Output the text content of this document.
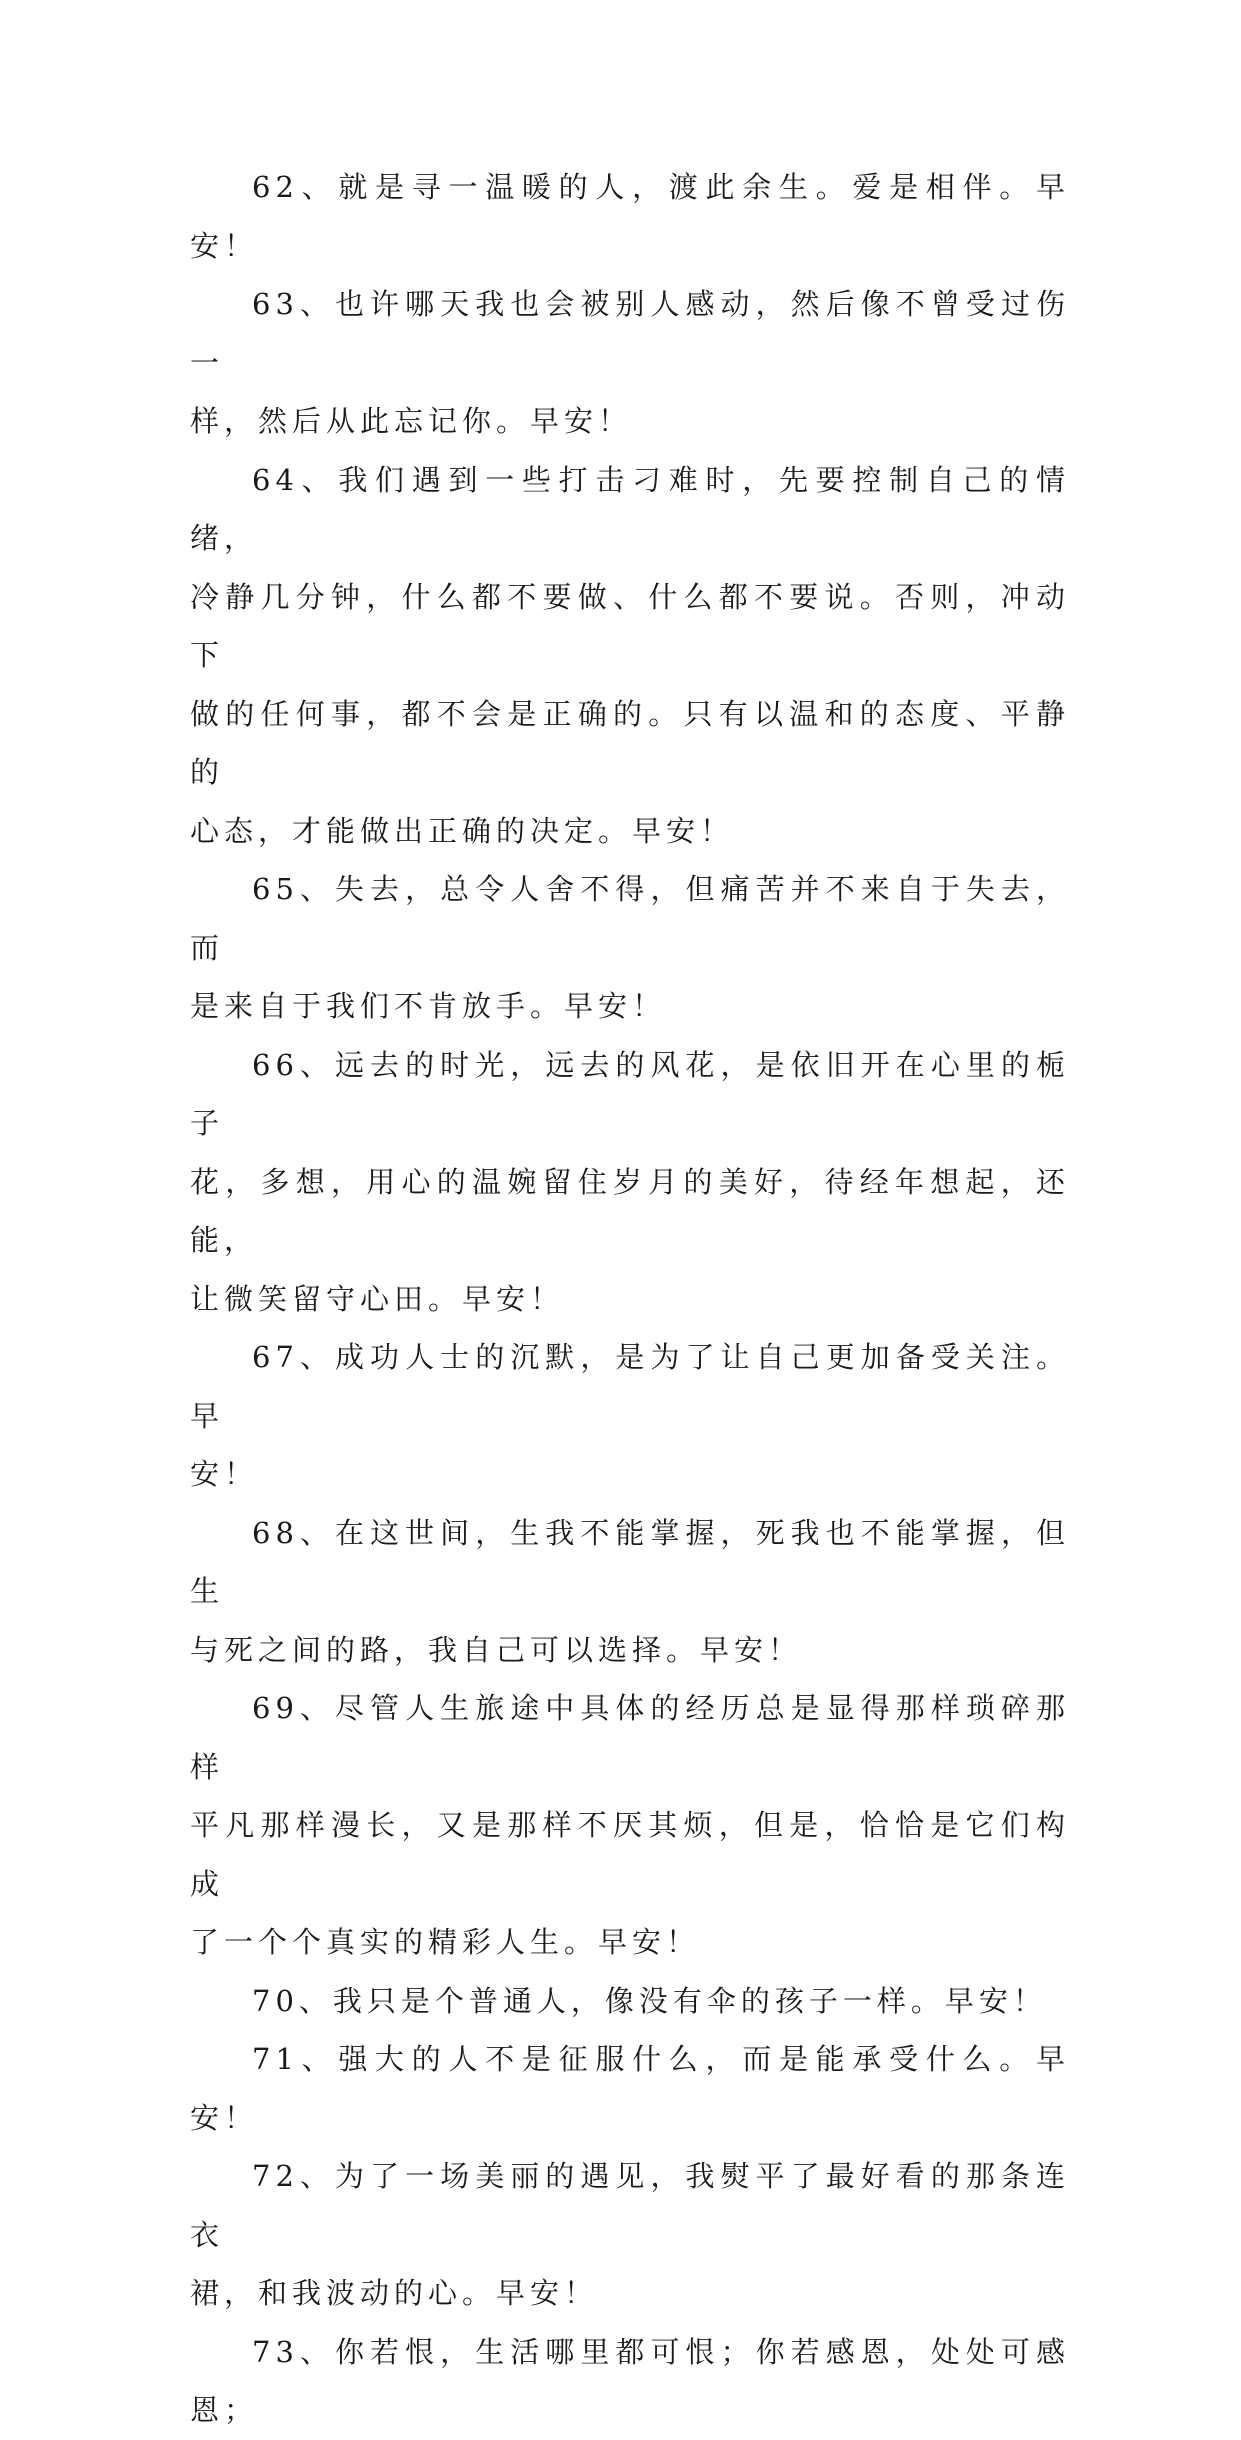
62、就是寻一温暖的人，渡此余生。爱是相伴。早安！

63、也许哪天我也会被别人感动，然后像不曾受过伤一
样，然后从此忘记你。早安！

64、我们遇到一些打击刁难时，先要控制自己的情绪，
冷静几分钟，什么都不要做、什么都不要说。否则，冲动下
做的任何事，都不会是正确的。只有以温和的态度、平静的
心态，才能做出正确的决定。早安！

65、失去，总令人舍不得，但痛苦并不来自于失去，而
是来自于我们不肯放手。早安！

66、远去的时光，远去的风花，是依旧开在心里的栀子
花，多想，用心的温婉留住岁月的美好，待经年想起，还能，
让微笑留守心田。早安！

67、成功人士的沉默，是为了让自己更加备受关注。早
安！

68、在这世间，生我不能掌握，死我也不能掌握，但生
与死之间的路，我自己可以选择。早安！

69、尽管人生旅途中具体的经历总是显得那样琐碎那样
平凡那样漫长，又是那样不厌其烦，但是，恰恰是它们构成
了一个个真实的精彩人生。早安！

70、我只是个普通人，像没有伞的孩子一样。早安！

71、强大的人不是征服什么，而是能承受什么。早安！

72、为了一场美丽的遇见，我熨平了最好看的那条连衣
裙，和我波动的心。早安！

73、你若恨，生活哪里都可恨；你若感恩，处处可感恩；
